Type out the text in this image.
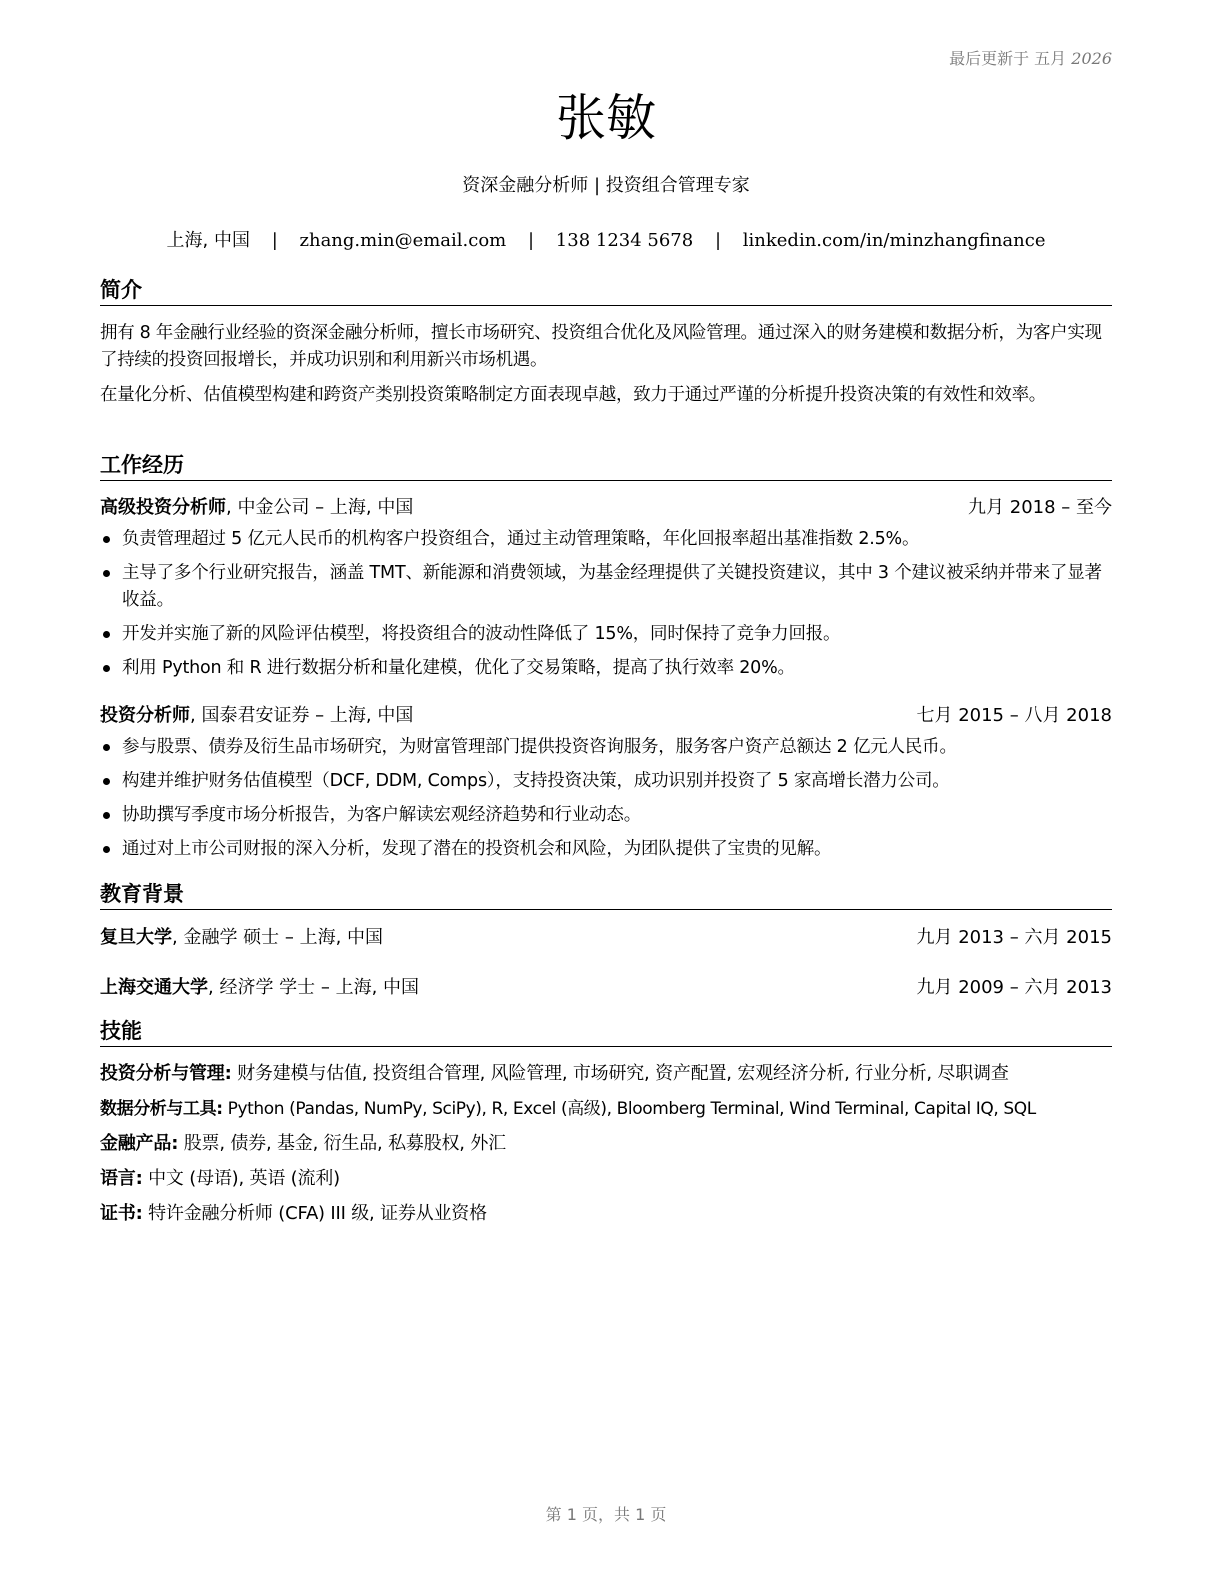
最后更新于 五月 2026
张敏
资深金融分析师 | 投资组合管理专家
上海, 中国 | zhang.min@email.com | 138 1234 5678 | linkedin.com/in/minzhangfinance
简介
拥有 8 年金融行业经验的资深金融分析师，擅长市场研究、投资组合优化及风险管理。通过深入的财务建模和数据分析，为客户实现了持续的投资回报增长，并成功识别和利用新兴市场机遇。
在量化分析、估值模型构建和跨资产类别投资策略制定方面表现卓越，致力于通过严谨的分析提升投资决策的有效性和效率。
工作经历
高级投资分析师, 中金公司 – 上海, 中国	九月 2018 – 至今
负责管理超过 5 亿元人民币的机构客户投资组合，通过主动管理策略，年化回报率超出基准指数 2.5%。
主导了多个行业研究报告，涵盖 TMT、新能源和消费领域，为基金经理提供了关键投资建议，其中 3 个建议被采纳并带来了显著收益。
开发并实施了新的风险评估模型，将投资组合的波动性降低了 15%，同时保持了竞争力回报。
利用 Python 和 R 进行数据分析和量化建模，优化了交易策略，提高了执行效率 20%。
投资分析师, 国泰君安证券 – 上海, 中国	七月 2015 – 八月 2018
参与股票、债券及衍生品市场研究，为财富管理部门提供投资咨询服务，服务客户资产总额达 2 亿元人民币。
构建并维护财务估值模型（DCF, DDM, Comps），支持投资决策，成功识别并投资了 5 家高增长潜力公司。
协助撰写季度市场分析报告，为客户解读宏观经济趋势和行业动态。
通过对上市公司财报的深入分析，发现了潜在的投资机会和风险，为团队提供了宝贵的见解。
教育背景
复旦大学, 金融学 硕士 – 上海, 中国	九月 2013 – 六月 2015
上海交通大学, 经济学 学士 – 上海, 中国	九月 2009 – 六月 2013
技能
投资分析与管理: 财务建模与估值, 投资组合管理, 风险管理, 市场研究, 资产配置, 宏观经济分析, 行业分析, 尽职调查
数据分析与工具: Python (Pandas, NumPy, SciPy), R, Excel (高级), Bloomberg Terminal, Wind Terminal, Capital IQ, SQL
金融产品: 股票, 债券, 基金, 衍生品, 私募股权, 外汇
语言: 中文 (母语), 英语 (流利)
证书: 特许金融分析师 (CFA) III 级, 证券从业资格
第 1 页，共 1 页
